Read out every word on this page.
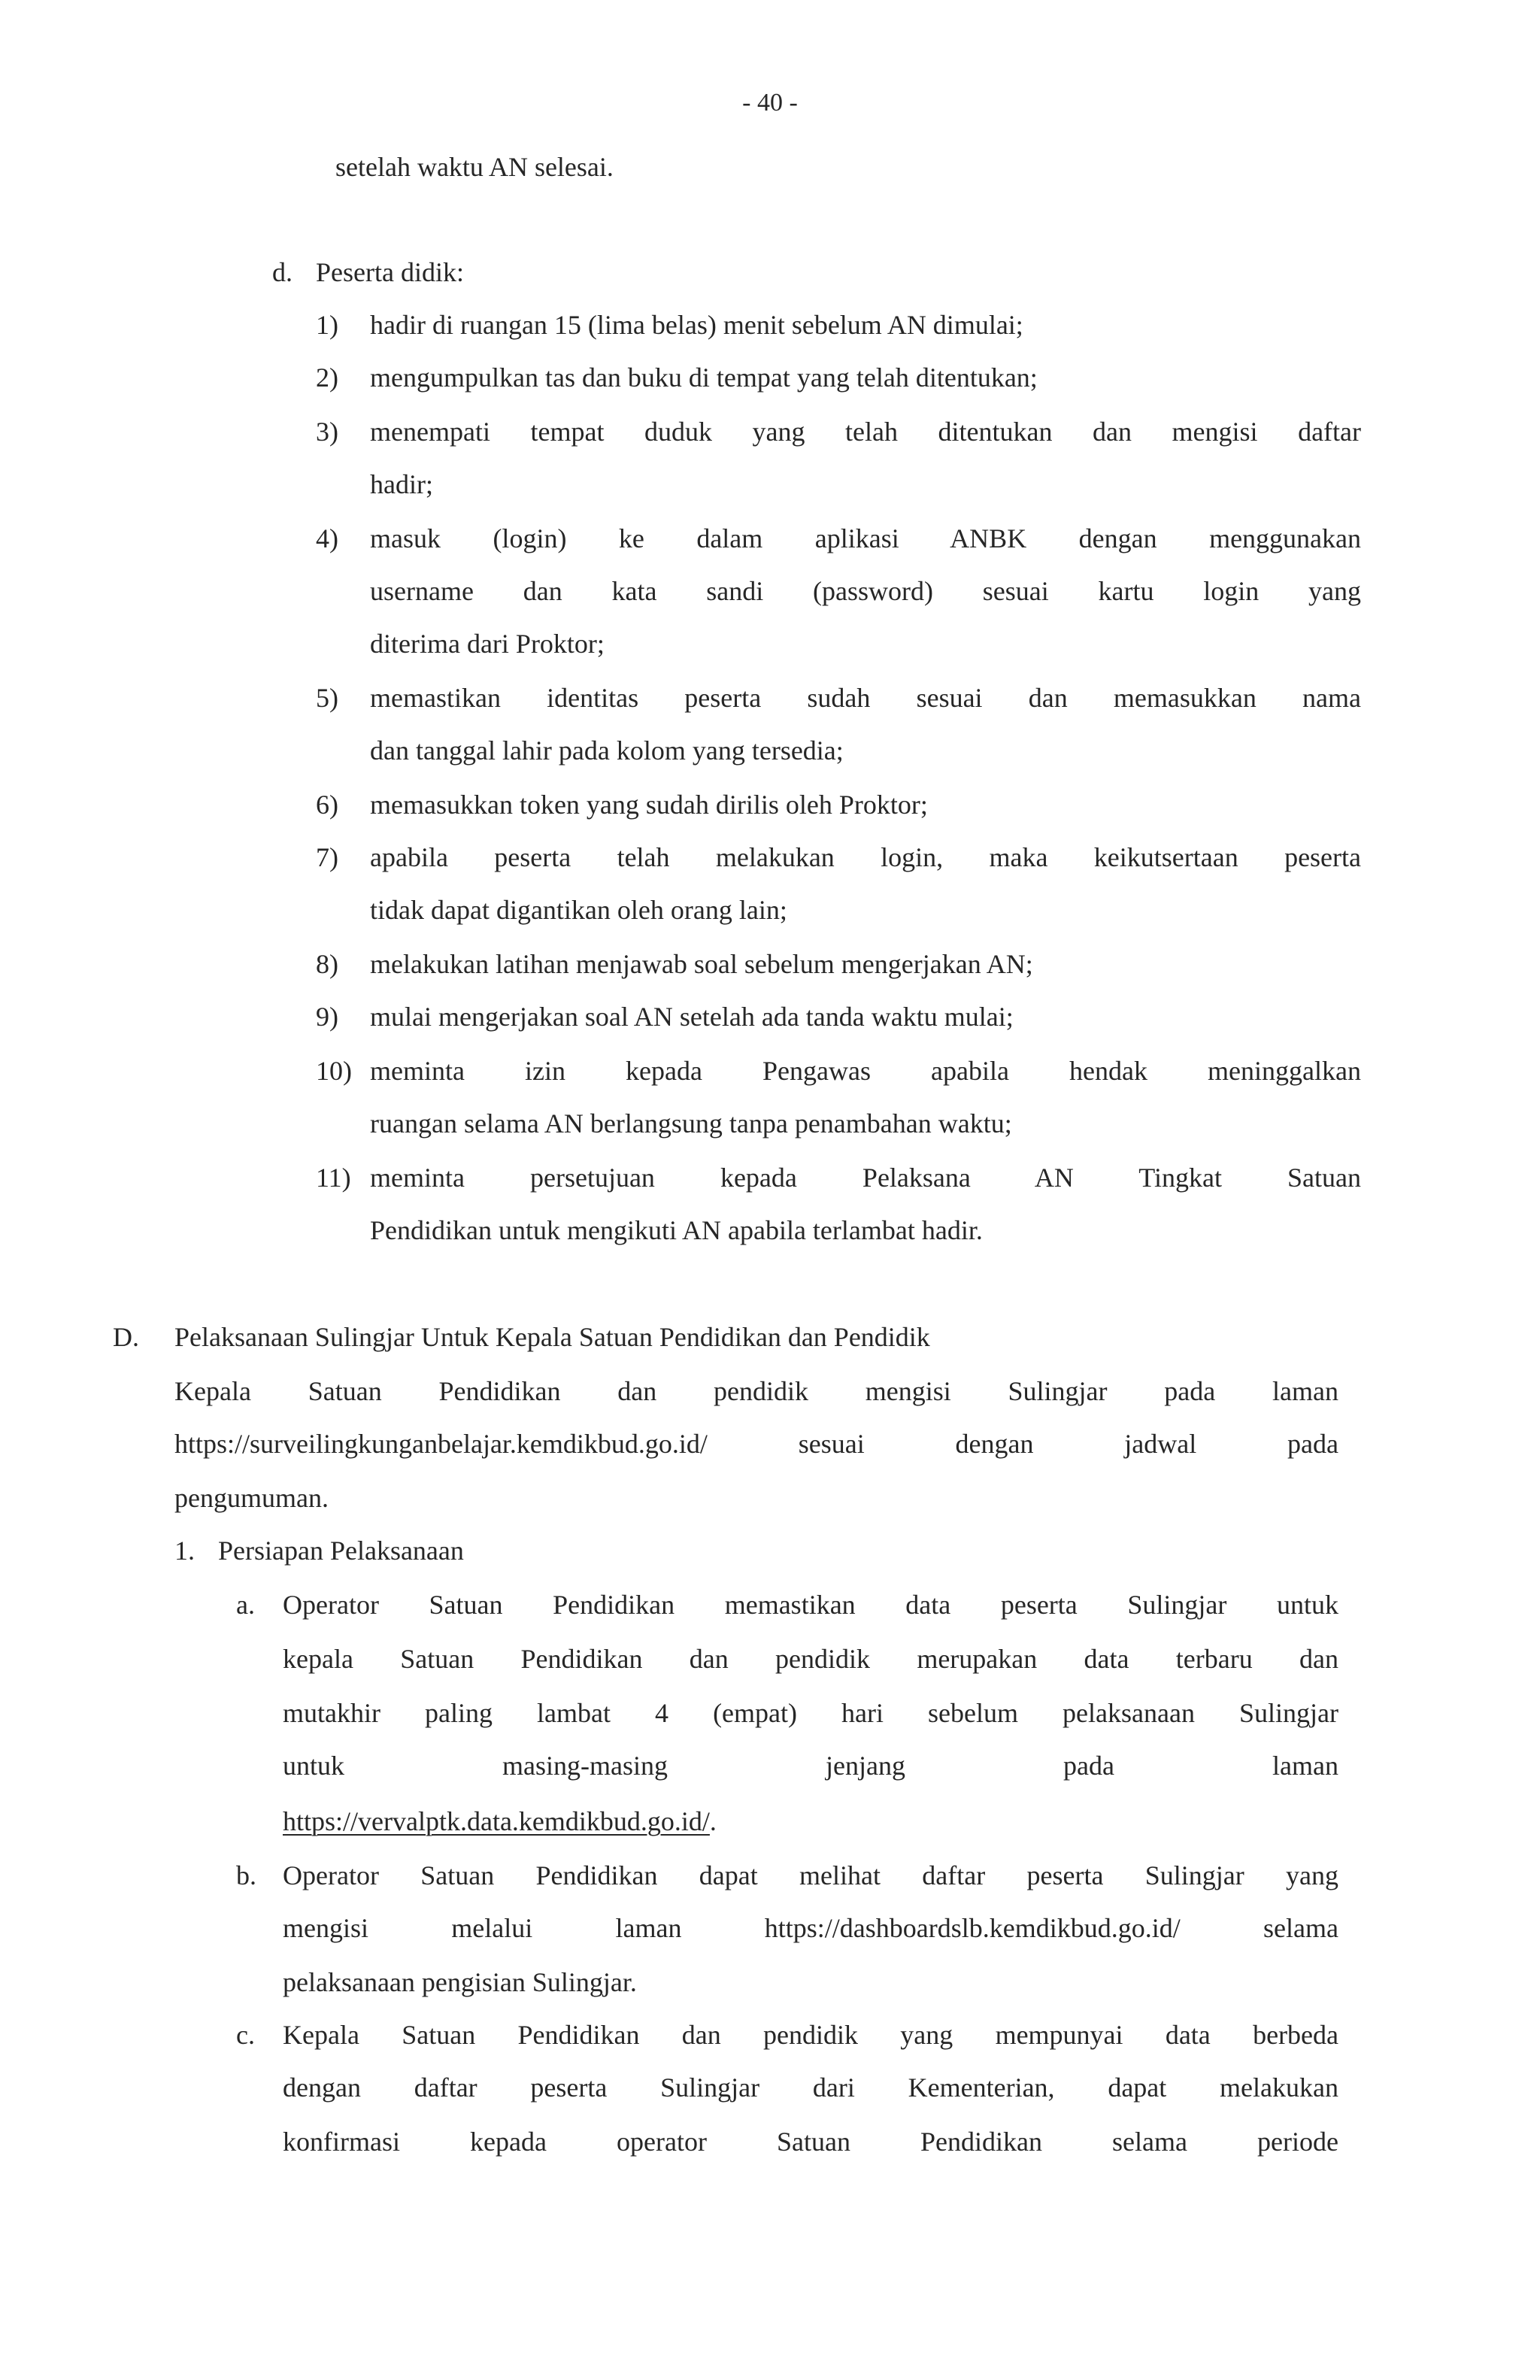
- 40 -
setelah waktu AN selesai.
d. Peserta didik:
1) hadir di ruangan 15 (lima belas) menit sebelum AN dimulai;
2) mengumpulkan tas dan buku di tempat yang telah ditentukan;
3) menempati tempat duduk yang telah ditentukan dan mengisi daftar
hadir;
4) masuk (login) ke dalam aplikasi ANBK dengan menggunakan
username dan kata sandi (password) sesuai kartu login yang
diterima dari Proktor;
5) memastikan identitas peserta sudah sesuai dan memasukkan nama
dan tanggal lahir pada kolom yang tersedia;
6) memasukkan token yang sudah dirilis oleh Proktor;
7) apabila peserta telah melakukan login, maka keikutsertaan peserta
tidak dapat digantikan oleh orang lain;
8) melakukan latihan menjawab soal sebelum mengerjakan AN;
9) mulai mengerjakan soal AN setelah ada tanda waktu mulai;
10) meminta izin kepada Pengawas apabila hendak meninggalkan
ruangan selama AN berlangsung tanpa penambahan waktu;
11) meminta persetujuan kepada Pelaksana AN Tingkat Satuan
Pendidikan untuk mengikuti AN apabila terlambat hadir.
D. Pelaksanaan Sulingjar Untuk Kepala Satuan Pendidikan dan Pendidik
Kepala Satuan Pendidikan dan pendidik mengisi Sulingjar pada laman
https://surveilingkunganbelajar.kemdikbud.go.id/ sesuai dengan jadwal pada
pengumuman.
1. Persiapan Pelaksanaan
a. Operator Satuan Pendidikan memastikan data peserta Sulingjar untuk
kepala Satuan Pendidikan dan pendidik merupakan data terbaru dan
mutakhir paling lambat 4 (empat) hari sebelum pelaksanaan Sulingjar
untuk masing-masing jenjang pada laman
https://vervalptk.data.kemdikbud.go.id/.
b. Operator Satuan Pendidikan dapat melihat daftar peserta Sulingjar yang
mengisi melalui laman https://dashboardslb.kemdikbud.go.id/ selama
pelaksanaan pengisian Sulingjar.
c. Kepala Satuan Pendidikan dan pendidik yang mempunyai data berbeda
dengan daftar peserta Sulingjar dari Kementerian, dapat melakukan
konfirmasi kepada operator Satuan Pendidikan selama periode
